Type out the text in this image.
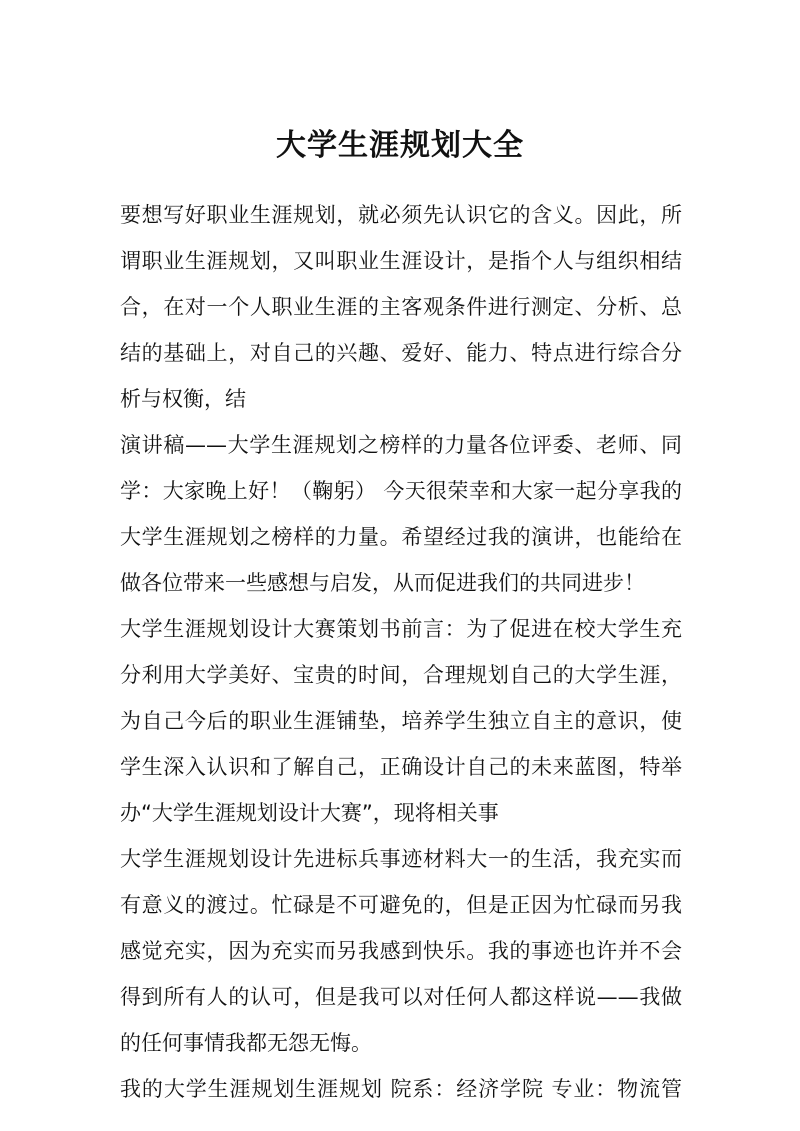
大学生涯规划大全
要想写好职业生涯规划，就必须先认识它的含义。因此，所
谓职业生涯规划，又叫职业生涯设计，是指个人与组织相结
合，在对一个人职业生涯的主客观条件进行测定、分析、总
结的基础上，对自己的兴趣、爱好、能力、特点进行综合分
析与权衡，结
演讲稿——大学生涯规划之榜样的力量各位评委、老师、同
学：大家晚上好！（鞠躬） 今天很荣幸和大家一起分享我的
大学生涯规划之榜样的力量。希望经过我的演讲，也能给在
做各位带来一些感想与启发，从而促进我们的共同进步！
大学生涯规划设计大赛策划书前言：为了促进在校大学生充
分利用大学美好、宝贵的时间，合理规划自己的大学生涯，
为自己今后的职业生涯铺垫，培养学生独立自主的意识，使
学生深入认识和了解自己，正确设计自己的未来蓝图，特举
办“大学生涯规划设计大赛”，现将相关事
大学生涯规划设计先进标兵事迹材料大一的生活，我充实而
有意义的渡过。忙碌是不可避免的，但是正因为忙碌而另我
感觉充实，因为充实而另我感到快乐。我的事迹也许并不会
得到所有人的认可，但是我可以对任何人都这样说——我做
的任何事情我都无怨无悔。
我的大学生涯规划生涯规划 院系：经济学院 专业：物流管
